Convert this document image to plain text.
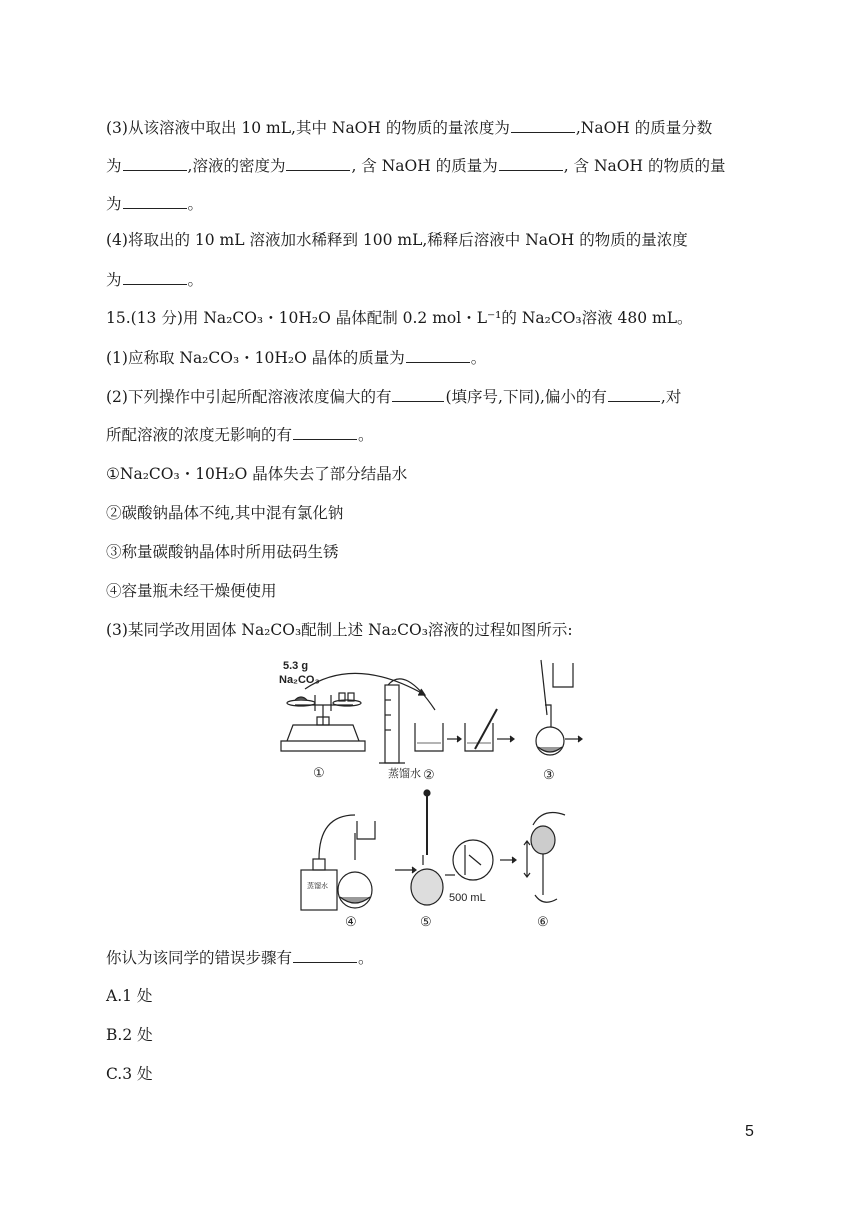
(3)从该溶液中取出 10 mL,其中 NaOH 的物质的量浓度为	,NaOH 的质量分数
为	,溶液的密度为	, 含 NaOH 的质量为	, 含 NaOH 的物质的量
为	。
(4)将取出的 10 mL 溶液加水稀释到 100 mL,稀释后溶液中 NaOH 的物质的量浓度
为	。
15.(13 分)用 Na₂CO₃・10H₂O 晶体配制 0.2 mol・L⁻¹的 Na₂CO₃溶液 480 mL。
(1)应称取 Na₂CO₃・10H₂O 晶体的质量为	。
(2)下列操作中引起所配溶液浓度偏大的有	(填序号,下同),偏小的有	,对
所配溶液的浓度无影响的有	。
①Na₂CO₃・10H₂O 晶体失去了部分结晶水
②碳酸钠晶体不纯,其中混有氯化钠
③称量碳酸钠晶体时所用砝码生锈
④容量瓶未经干燥便使用
(3)某同学改用固体 Na₂CO₃配制上述 Na₂CO₃溶液的过程如图所示:
5.3 g
Na₂CO₃
①	蒸馏水 ②	③
蒸馏水
④
500 mL
⑤	⑥
你认为该同学的错误步骤有	。
A.1 处
B.2 处
C.3 处
5
